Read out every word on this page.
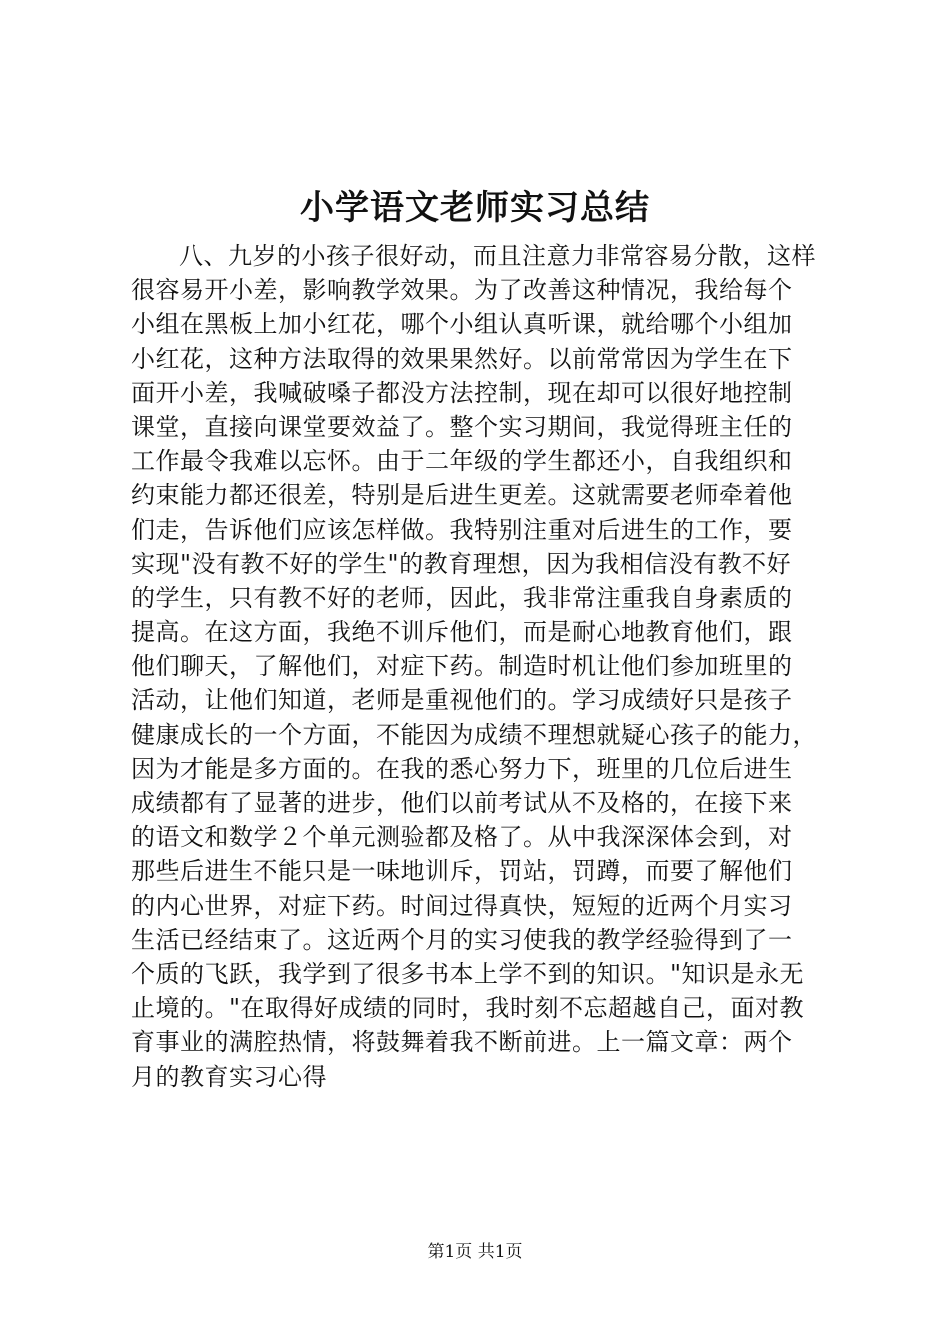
小学语文老师实习总结
八、九岁的小孩子很好动，而且注意力非常容易分散，这样
很容易开小差，影响教学效果。为了改善这种情况，我给每个
小组在黑板上加小红花，哪个小组认真听课，就给哪个小组加
小红花，这种方法取得的效果果然好。以前常常因为学生在下
面开小差，我喊破嗓子都没方法控制，现在却可以很好地控制
课堂，直接向课堂要效益了。整个实习期间，我觉得班主任的
工作最令我难以忘怀。由于二年级的学生都还小，自我组织和
约束能力都还很差，特别是后进生更差。这就需要老师牵着他
们走，告诉他们应该怎样做。我特别注重对后进生的工作，要
实现"没有教不好的学生"的教育理想，因为我相信没有教不好
的学生，只有教不好的老师，因此，我非常注重我自身素质的
提高。在这方面，我绝不训斥他们，而是耐心地教育他们，跟
他们聊天，了解他们，对症下药。制造时机让他们参加班里的
活动，让他们知道，老师是重视他们的。学习成绩好只是孩子
健康成长的一个方面，不能因为成绩不理想就疑心孩子的能力，
因为才能是多方面的。在我的悉心努力下，班里的几位后进生
成绩都有了显著的进步，他们以前考试从不及格的，在接下来
的语文和数学２个单元测验都及格了。从中我深深体会到，对
那些后进生不能只是一味地训斥，罚站，罚蹲，而要了解他们
的内心世界，对症下药。时间过得真快，短短的近两个月实习
生活已经结束了。这近两个月的实习使我的教学经验得到了一
个质的飞跃，我学到了很多书本上学不到的知识。"知识是永无
止境的。"在取得好成绩的同时，我时刻不忘超越自己，面对教
育事业的满腔热情，将鼓舞着我不断前进。上一篇文章：两个
月的教育实习心得
第1页 共1页
